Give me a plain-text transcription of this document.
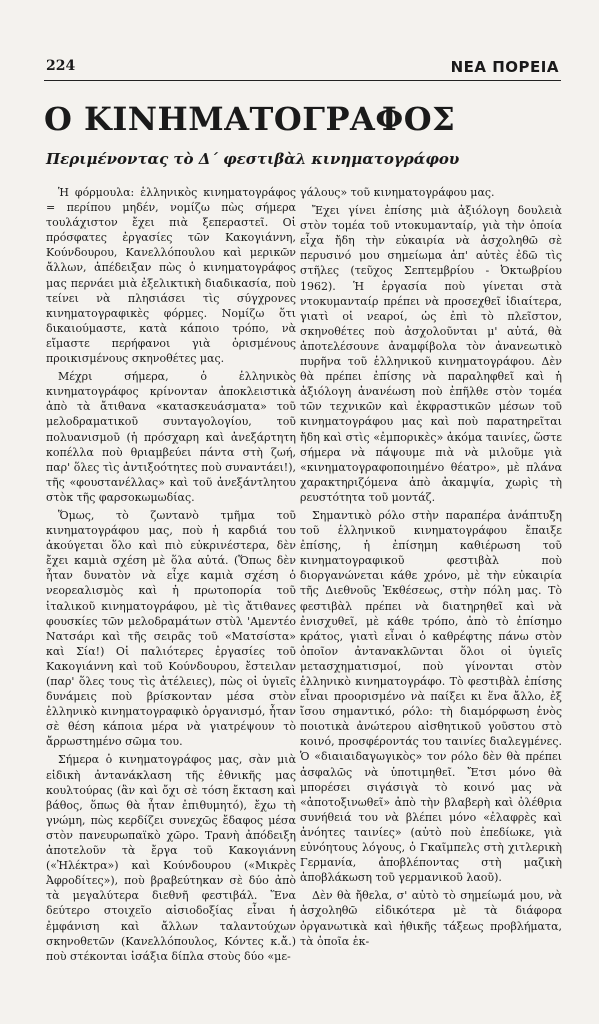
224	ΝΕΑ ΠΟΡΕΙΑ
Ο ΚΙΝΗΜΑΤΟΓΡΑΦΟΣ
Περιμένοντας τὸ Δ΄ φεστιβὰλ κινηματογράφου

Ἡ φόρμουλα: ἑλληνικὸς κινηματογράφος = περίπου μηδέν, νομίζω πὼς σήμερα τουλάχιστον ἔχει πιὰ ξεπεραστεῖ. Οἱ πρόσφατες ἐργασίες τῶν Κακογιάννη, Κούνδουρου, Κανελλόπουλου καὶ μερικῶν ἄλλων, ἀπέδειξαν πὼς ὁ κινηματογράφος μας περνάει μιὰ ἐξελικτικὴ διαδικασία, ποὺ τείνει νὰ πλησιάσει τὶς σύγχρονες κινηματογραφικὲς φόρμες. Νομίζω ὅτι δικαιούμαστε, κατὰ κάποιο τρόπο, νὰ εἴμαστε περήφανοι γιὰ ὁρισμένους προικισμένους σκηνοθέτες μας.

Μέχρι σήμερα, ὁ ἑλληνικὸς κινηματογράφος κρίνονταν ἀποκλειστικὰ ἀπὸ τὰ ἄτιθανα «κατασκευάσματα» τοῦ μελοδραματικοῦ συνταγολογίου, τοῦ πολυανισμοῦ (ἡ πρόσχαρη καὶ ἀνεξάρτητη κοπέλλα ποὺ θριαμβεύει πάντα στὴ ζωή, παρ' ὅλες τὶς ἀντιξοότητες ποὺ συναντάει!), τῆς «φουστανέλλας» καὶ τοῦ ἀνεξάντλητου στὸκ τῆς φαρσοκωμωδίας.

Ὅμως, τὸ ζωντανὸ τμῆμα τοῦ κινηματογράφου μας, ποὺ ἡ καρδιά του ἀκούγεται ὅλο καὶ πιὸ εὐκρινέστερα, δὲν ἔχει καμιὰ σχέση μὲ ὅλα αὐτά. (Ὅπως δὲν ἦταν δυνατὸν νὰ εἶχε καμιὰ σχέση ὁ νεορεαλισμὸς καὶ ἡ πρωτοπορία τοῦ ἰταλικοῦ κινηματογράφου, μὲ τὶς ἄτιθανες φουσκίες τῶν μελοδραμάτων στὺλ 'Αμεντέο Νατσάρι καὶ τῆς σειρᾶς τοῦ «Ματσίστα» καὶ Σία!) Οἱ παλιότερες ἐργασίες τοῦ Κακογιάννη καὶ τοῦ Κούνδουρου, ἔστειλαν (παρ' ὅλες τους τὶς ἀτέλειες), πὼς οἱ ὑγιεῖς δυνάμεις ποὺ βρίσκονταν μέσα στὸν ἑλληνικὸ κινηματογραφικὸ ὀργανισμό, ἦταν σὲ θέση κάποια μέρα νὰ γιατρέψουν τὸ ἄρρωστημένο σῶμα του.

Σήμερα ὁ κινηματογράφος μας, σὰν μιὰ εἰδικὴ ἀντανάκλαση τῆς ἐθνικῆς μας κουλτούρας (ἂν καὶ ὄχι σὲ τόση ἔκταση καὶ βάθος, ὅπως θὰ ἦταν ἐπιθυμητό), ἔχω τὴ γνώμη, πὼς κερδίζει συνεχῶς ἔδαφος μέσα στὸν πανευρωπαϊκὸ χῶρο. Τρανὴ ἀπόδειξη ἀποτελοῦν τὰ ἔργα τοῦ Κακογιάννη («Ἠλέκτρα») καὶ Κούνδουρου («Μικρὲς Ἀφροδίτες»), ποὺ βραβεύτηκαν σὲ δύο ἀπὸ τὰ μεγαλύτερα διεθνῆ φεστιβάλ. Ἕνα δεύτερο στοιχεῖο αἰσιοδοξίας εἶναι ἡ ἐμφάνιση καὶ ἄλλων ταλαντούχων σκηνοθετῶν (Κανελλόπουλος, Κόντες κ.ἄ.) ποὺ στέκονται ἰσάξια δίπλα στοὺς δύο «με-

γάλους» τοῦ κινηματογράφου μας.

Ἔχει γίνει ἐπίσης μιὰ ἀξιόλογη δουλειὰ στὸν τομέα τοῦ ντοκυμανταίρ, γιὰ τὴν ὁποία εἶχα ἤδη τὴν εὐκαιρία νὰ ἀσχοληθῶ σὲ περυσινό μου σημείωμα ἀπ' αὐτὲς ἐδῶ τὶς στῆλες (τεῦχος Σεπτεμβρίου - Ὀκτωβρίου 1962). Ἡ ἐργασία ποὺ γίνεται στὰ ντοκυμανταίρ πρέπει νὰ προσεχθεῖ ἰδιαίτερα, γιατὶ οἱ νεαροί, ὡς ἐπὶ τὸ πλεῖστον, σκηνοθέτες ποὺ ἀσχολοῦνται μ' αὐτά, θὰ ἀποτελέσουνε ἀναμφίβολα τὸν ἀνανεωτικὸ πυρῆνα τοῦ ἑλληνικοῦ κινηματογράφου. Δὲν θὰ πρέπει ἐπίσης νὰ παραληφθεῖ καὶ ἡ ἀξιόλογη ἀνανέωση ποὺ ἐπῆλθε στὸν τομέα τῶν τεχνικῶν καὶ ἐκφραστικῶν μέσων τοῦ κινηματογράφου μας καὶ ποὺ παρατηρεῖται ἤδη καὶ στὶς «ἐμπορικὲς» ἀκόμα ταινίες, ὥστε σήμερα νὰ πάψουμε πιὰ νὰ μιλοῦμε γιὰ «κινηματογραφοποιημένο θέατρο», μὲ πλάνα χαρακτηριζόμενα ἀπὸ ἀκαμψία, χωρὶς τὴ ρευστότητα τοῦ μοντάζ.

Σημαντικὸ ρόλο στὴν παραπέρα ἀνάπτυξη τοῦ ἑλληνικοῦ κινηματογράφου ἔπαιξε ἐπίσης, ἡ ἐπίσημη καθιέρωση τοῦ κινηματογραφικοῦ φεστιβὰλ ποὺ διοργανώνεται κάθε χρόνο, μὲ τὴν εὐκαιρία τῆς Διεθνοῦς Ἐκθέσεως, στὴν πόλη μας. Τὸ φεστιβὰλ πρέπει νὰ διατηρηθεῖ καὶ νὰ ἐνισχυθεῖ, μὲ κάθε τρόπο, ἀπὸ τὸ ἐπίσημο κράτος, γιατὶ εἶναι ὁ καθρέφτης πάνω στὸν ὁποῖον ἀντανακλῶνται ὅλοι οἱ ὑγιεῖς μετασχηματισμοί, ποὺ γίνονται στὸν ἑλληνικὸ κινηματογράφο. Τὸ φεστιβὰλ ἐπίσης εἶναι προορισμένο νὰ παίξει κι ἕνα ἄλλο, ἐξ ἴσου σημαντικό, ρόλο: τὴ διαμόρφωση ἑνὸς ποιοτικὰ ἀνώτερου αἰσθητικοῦ γοῦστου στὸ κοινό, προσφέροντάς του ταινίες διαλεγμένες. Ὁ «διαιαιδαγωγικὸς» τον ρόλο δὲν θὰ πρέπει ἀσφαλῶς νὰ ὑποτιμηθεῖ. Ἔτσι μόνο θὰ μπορέσει σιγάσιγὰ τὸ κοινό μας νὰ «ἀποτοξινωθεῖ» ἀπὸ τὴν βλαβερὴ καὶ ὀλέθρια συνήθειά του νὰ βλέπει μόνο «ἐλαφρὲς καὶ ἀνόητες ταινίες» (αὐτὸ ποὺ ἐπεδίωκε, γιὰ εὐνόητους λόγους, ὁ Γκαῖμπελς στὴ χιτλερικὴ Γερμανία, ἀποβλέποντας στὴ μαζικὴ ἀποβλάκωση τοῦ γερμανικοῦ λαοῦ).

Δὲν θὰ ἤθελα, σ' αὐτὸ τὸ σημείωμά μου, νὰ ἀσχοληθῶ εἰδικότερα μὲ τὰ διάφορα ὀργανωτικὰ καὶ ἠθικῆς τάξεως προβλήματα, τὰ ὁποῖα ἐκ-
